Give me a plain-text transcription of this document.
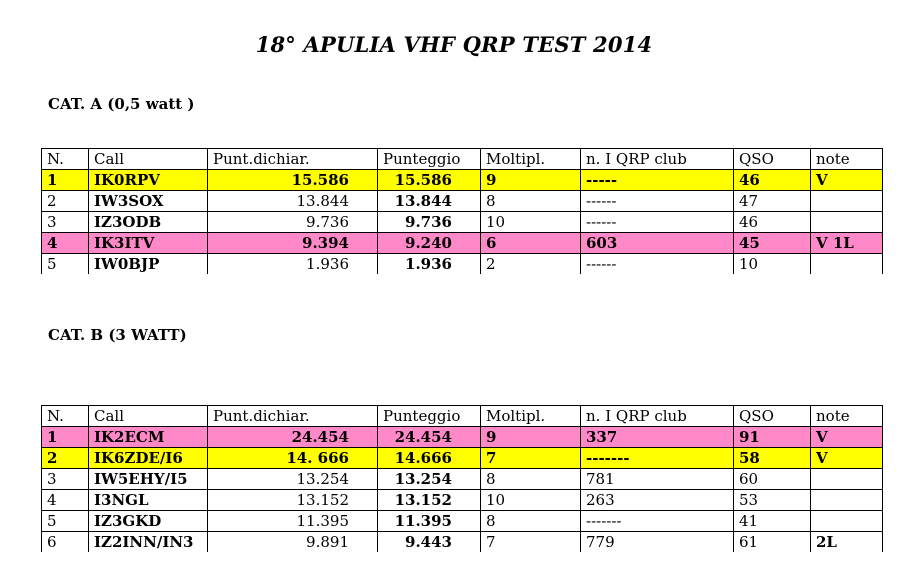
18° APULIA VHF QRP TEST 2014
CAT. A (0,5 watt )
N.	Call	Punt.dichiar.	Punteggio	Moltipl.	n. I QRP club	QSO	note
1	IK0RPV	15.586	15.586	9	-----	46	V
2	IW3SOX	13.844	13.844	8	------	47	
3	IZ3ODB	9.736	9.736	10	------	46	
4	IK3ITV	9.394	9.240	6	603	45	V 1L
5	IW0BJP	1.936	1.936	2	------	10	
CAT. B (3 WATT)
N.	Call	Punt.dichiar.	Punteggio	Moltipl.	n. I QRP club	QSO	note
1	IK2ECM	24.454	24.454	9	337	91	V
2	IK6ZDE/I6	14. 666	14.666	7	-------	58	V
3	IW5EHY/I5	13.254	13.254	8	781	60	
4	I3NGL	13.152	13.152	10	263	53	
5	IZ3GKD	11.395	11.395	8	-------	41	
6	IZ2INN/IN3	9.891	9.443	7	779	61	2L
